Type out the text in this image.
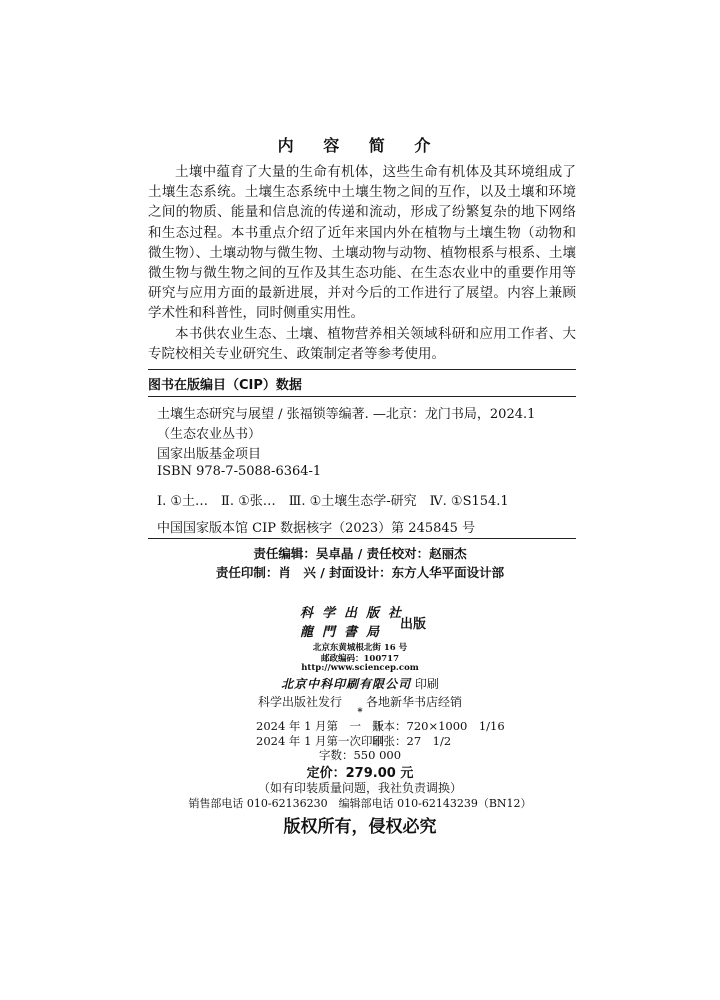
内 容 简 介

土壤中蕴育了大量的生命有机体，这些生命有机体及其环境组成了土壤生态系统。土壤生态系统中土壤生物之间的互作，以及土壤和环境之间的物质、能量和信息流的传递和流动，形成了纷繁复杂的地下网络和生态过程。本书重点介绍了近年来国内外在植物与土壤生物（动物和微生物）、土壤动物与微生物、土壤动物与动物、植物根系与根系、土壤微生物与微生物之间的互作及其生态功能、在生态农业中的重要作用等研究与应用方面的最新进展，并对今后的工作进行了展望。内容上兼顾学术性和科普性，同时侧重实用性。

本书供农业生态、土壤、植物营养相关领域科研和应用工作者、大专院校相关专业研究生、政策制定者等参考使用。

图书在版编目（CIP）数据
土壤生态研究与展望 / 张福锁等编著. —北京：龙门书局，2024.1
（生态农业丛书）
国家出版基金项目
ISBN 978-7-5088-6364-1
Ⅰ. ①土…　Ⅱ. ①张…　Ⅲ. ①土壤生态学-研究　Ⅳ. ①S154.1
中国国家版本馆 CIP 数据核字（2023）第 245845 号
责任编辑：吴卓晶 / 责任校对：赵丽杰
责任印制：肖　兴 / 封面设计：东方人华平面设计部
科学出版社
龍門書局
出版
北京东黄城根北街 16 号
邮政编码：100717
http://www.sciencep.com
北京中科印刷有限公司 印刷
科学出版社发行　　各地新华书店经销
*
2024 年 1 月第　一　版
开本：720×1000　1/16
2024 年 1 月第一次印刷
印张：27　1/2
字数：550 000
定价：279.00 元
（如有印装质量问题，我社负责调换）
销售部电话 010-62136230　编辑部电话 010-62143239（BN12）
版权所有，侵权必究
